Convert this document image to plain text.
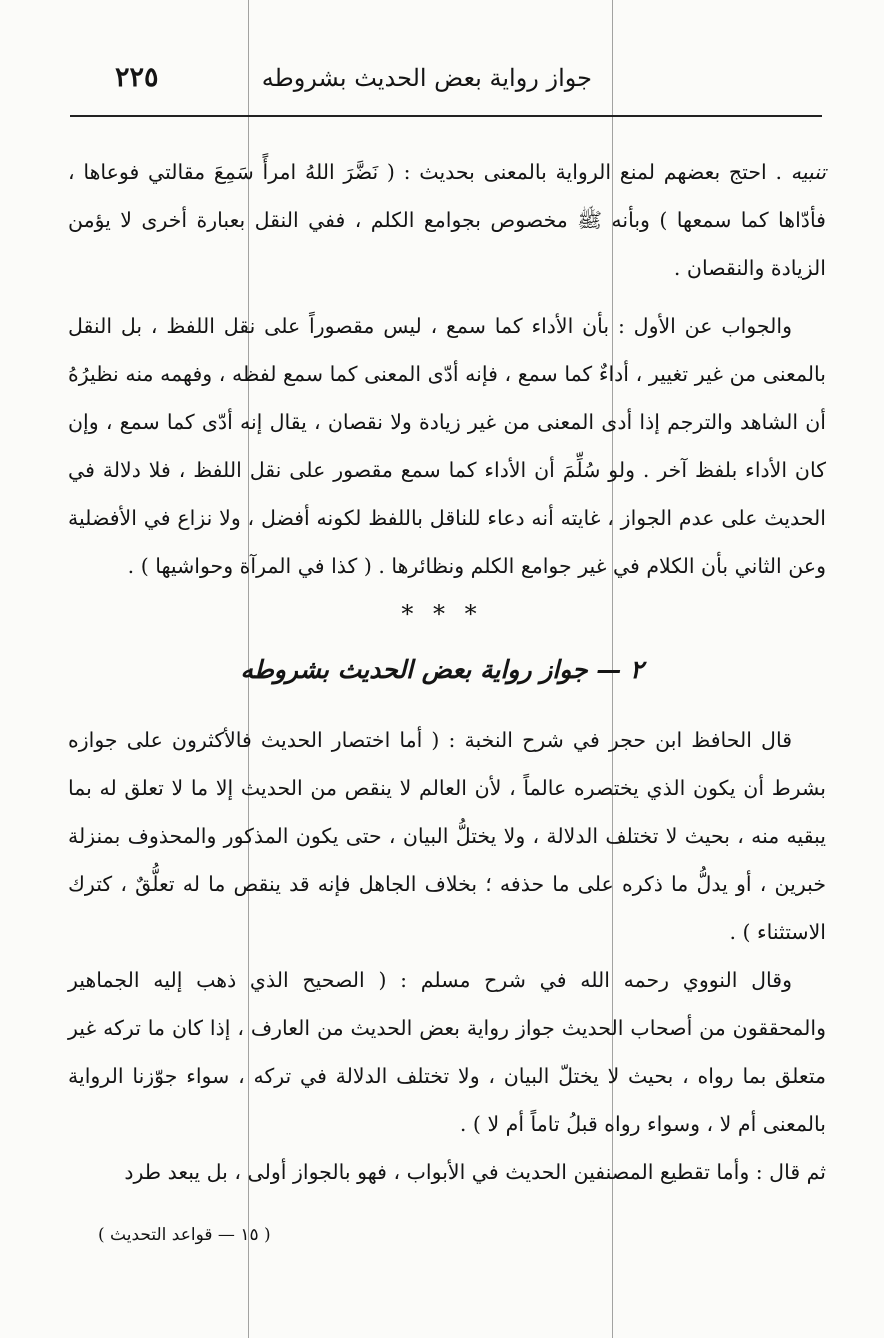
٢٢٥	جواز رواية بعض الحديث بشروطه

تنبيه . احتج بعضهم لمنع الرواية بالمعنى بحديث : ( نَضَّرَ اللهُ امرأً سَمِعَ مقالتي فوعاها ، فأدّاها كما سمعها ) وبأنه ﷺ مخصوص بجوامع الكلم ، ففي النقل بعبارة أخرى لا يؤمن الزيادة والنقصان .

والجواب عن الأول : بأن الأداء كما سمع ، ليس مقصوراً على نقل اللفظ ، بل النقل بالمعنى من غير تغيير ، أداءٌ كما سمع ، فإنه أدّى المعنى كما سمع لفظه ، وفهمه منه نظيرُهُ أن الشاهد والترجم إذا أدى المعنى من غير زيادة ولا نقصان ، يقال إنه أدّى كما سمع ، وإن كان الأداء بلفظ آخر . ولو سُلِّمَ أن الأداء كما سمع مقصور على نقل اللفظ ، فلا دلالة في الحديث على عدم الجواز ، غايته أنه دعاء للناقل باللفظ لكونه أفضل ، ولا نزاع في الأفضلية وعن الثاني بأن الكلام في غير جوامع الكلم ونظائرها . ( كذا في المرآة وحواشيها ) .

* * *
٢ — جواز رواية بعض الحديث بشروطه

قال الحافظ ابن حجر في شرح النخبة : ( أما اختصار الحديث فالأكثرون على جوازه بشرط أن يكون الذي يختصره عالماً ، لأن العالم لا ينقص من الحديث إلا ما لا تعلق له بما يبقيه منه ، بحيث لا تختلف الدلالة ، ولا يختلُّ البيان ، حتى يكون المذكور والمحذوف بمنزلة خبرين ، أو يدلُّ ما ذكره على ما حذفه ؛ بخلاف الجاهل فإنه قد ينقص ما له تعلُّقٌ ، كترك الاستثناء ) .

وقال النووي رحمه الله في شرح مسلم : ( الصحيح الذي ذهب إليه الجماهير والمحققون من أصحاب الحديث جواز رواية بعض الحديث من العارف ، إذا كان ما تركه غير متعلق بما رواه ، بحيث لا يختلّ البيان ، ولا تختلف الدلالة في تركه ، سواء جوّزنا الرواية بالمعنى أم لا ، وسواء رواه قبلُ تاماً أم لا ) .

ثم قال : وأما تقطيع المصنفين الحديث في الأبواب ، فهو بالجواز أولى ، بل يبعد طرد

( ١٥ — قواعد التحديث )
